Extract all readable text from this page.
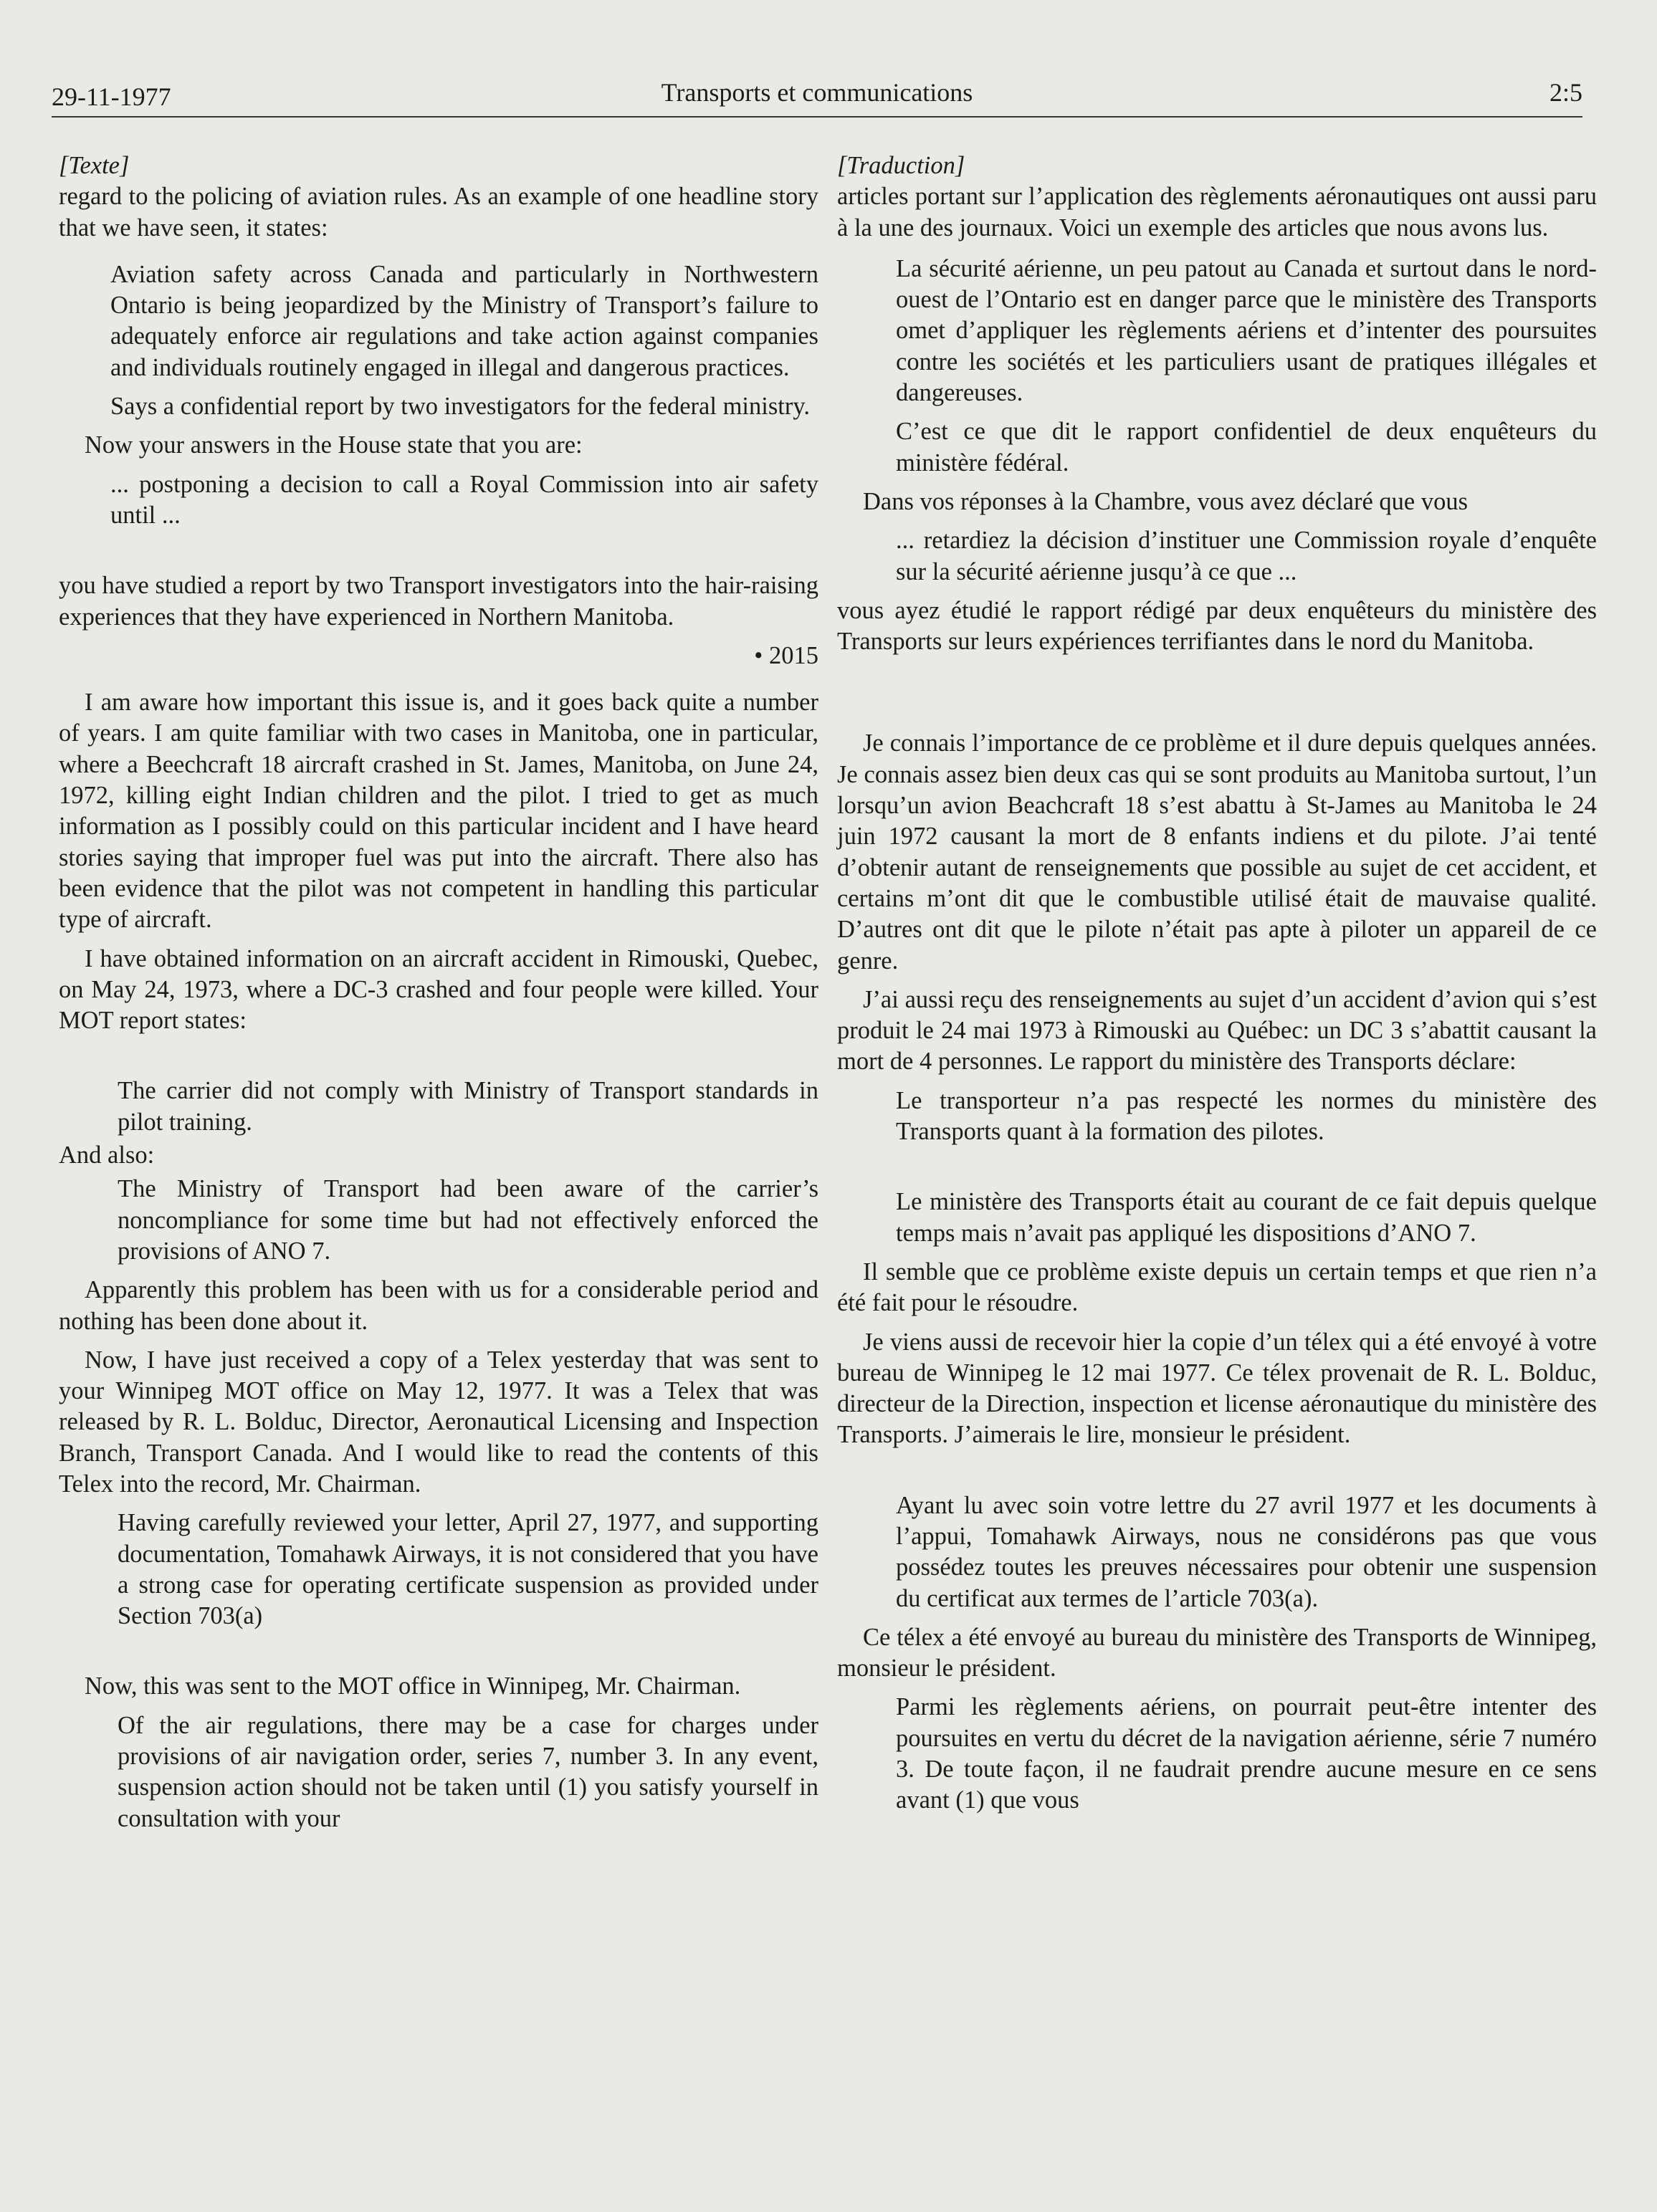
29-11-1977	Transports et communications	2:5

[Texte]

regard to the policing of aviation rules. As an example of one headline story that we have seen, it states:

Aviation safety across Canada and particularly in Northwestern Ontario is being jeopardized by the Ministry of Transport’s failure to adequately enforce air regulations and take action against companies and individuals routinely engaged in illegal and dangerous practices.

Says a confidential report by two investigators for the federal ministry.

Now your answers in the House state that you are:

... postponing a decision to call a Royal Commission into air safety until ...

you have studied a report by two Transport investigators into the hair-raising experiences that they have experienced in Northern Manitoba.

• 2015

I am aware how important this issue is, and it goes back quite a number of years. I am quite familiar with two cases in Manitoba, one in particular, where a Beechcraft 18 aircraft crashed in St. James, Manitoba, on June 24, 1972, killing eight Indian children and the pilot. I tried to get as much information as I possibly could on this particular incident and I have heard stories saying that improper fuel was put into the aircraft. There also has been evidence that the pilot was not competent in handling this particular type of aircraft.

I have obtained information on an aircraft accident in Rimouski, Quebec, on May 24, 1973, where a DC-3 crashed and four people were killed. Your MOT report states:

The carrier did not comply with Ministry of Transport standards in pilot training.

And also:

The Ministry of Transport had been aware of the carrier’s noncompliance for some time but had not effectively enforced the provisions of ANO 7.

Apparently this problem has been with us for a considerable period and nothing has been done about it.

Now, I have just received a copy of a Telex yesterday that was sent to your Winnipeg MOT office on May 12, 1977. It was a Telex that was released by R. L. Bolduc, Director, Aeronautical Licensing and Inspection Branch, Transport Canada. And I would like to read the contents of this Telex into the record, Mr. Chairman.

Having carefully reviewed your letter, April 27, 1977, and supporting documentation, Tomahawk Airways, it is not considered that you have a strong case for operating certificate suspension as provided under Section 703(a)

Now, this was sent to the MOT office in Winnipeg, Mr. Chairman.

Of the air regulations, there may be a case for charges under provisions of air navigation order, series 7, number 3. In any event, suspension action should not be taken until (1) you satisfy yourself in consultation with your

[Traduction]

articles portant sur l’application des règlements aéronautiques ont aussi paru à la une des journaux. Voici un exemple des articles que nous avons lus.

La sécurité aérienne, un peu patout au Canada et surtout dans le nord-ouest de l’Ontario est en danger parce que le ministère des Transports omet d’appliquer les règlements aériens et d’intenter des poursuites contre les sociétés et les particuliers usant de pratiques illégales et dangereuses.

C’est ce que dit le rapport confidentiel de deux enquêteurs du ministère fédéral.

Dans vos réponses à la Chambre, vous avez déclaré que vous

... retardiez la décision d’instituer une Commission royale d’enquête sur la sécurité aérienne jusqu’à ce que ...

vous ayez étudié le rapport rédigé par deux enquêteurs du ministère des Transports sur leurs expériences terrifiantes dans le nord du Manitoba.

Je connais l’importance de ce problème et il dure depuis quelques années. Je connais assez bien deux cas qui se sont produits au Manitoba surtout, l’un lorsqu’un avion Beachcraft 18 s’est abattu à St-James au Manitoba le 24 juin 1972 causant la mort de 8 enfants indiens et du pilote. J’ai tenté d’obtenir autant de renseignements que possible au sujet de cet accident, et certains m’ont dit que le combustible utilisé était de mauvaise qualité. D’autres ont dit que le pilote n’était pas apte à piloter un appareil de ce genre.

J’ai aussi reçu des renseignements au sujet d’un accident d’avion qui s’est produit le 24 mai 1973 à Rimouski au Québec: un DC 3 s’abattit causant la mort de 4 personnes. Le rapport du ministère des Transports déclare:

Le transporteur n’a pas respecté les normes du ministère des Transports quant à la formation des pilotes.

Le ministère des Transports était au courant de ce fait depuis quelque temps mais n’avait pas appliqué les dispositions d’ANO 7.

Il semble que ce problème existe depuis un certain temps et que rien n’a été fait pour le résoudre.

Je viens aussi de recevoir hier la copie d’un télex qui a été envoyé à votre bureau de Winnipeg le 12 mai 1977. Ce télex provenait de R. L. Bolduc, directeur de la Direction, inspection et license aéronautique du ministère des Transports. J’aimerais le lire, monsieur le président.

Ayant lu avec soin votre lettre du 27 avril 1977 et les documents à l’appui, Tomahawk Airways, nous ne considérons pas que vous possédez toutes les preuves nécessaires pour obtenir une suspension du certificat aux termes de l’article 703(a).

Ce télex a été envoyé au bureau du ministère des Transports de Winnipeg, monsieur le président.

Parmi les règlements aériens, on pourrait peut-être intenter des poursuites en vertu du décret de la navigation aérienne, série 7 numéro 3. De toute façon, il ne faudrait prendre aucune mesure en ce sens avant (1) que vous
